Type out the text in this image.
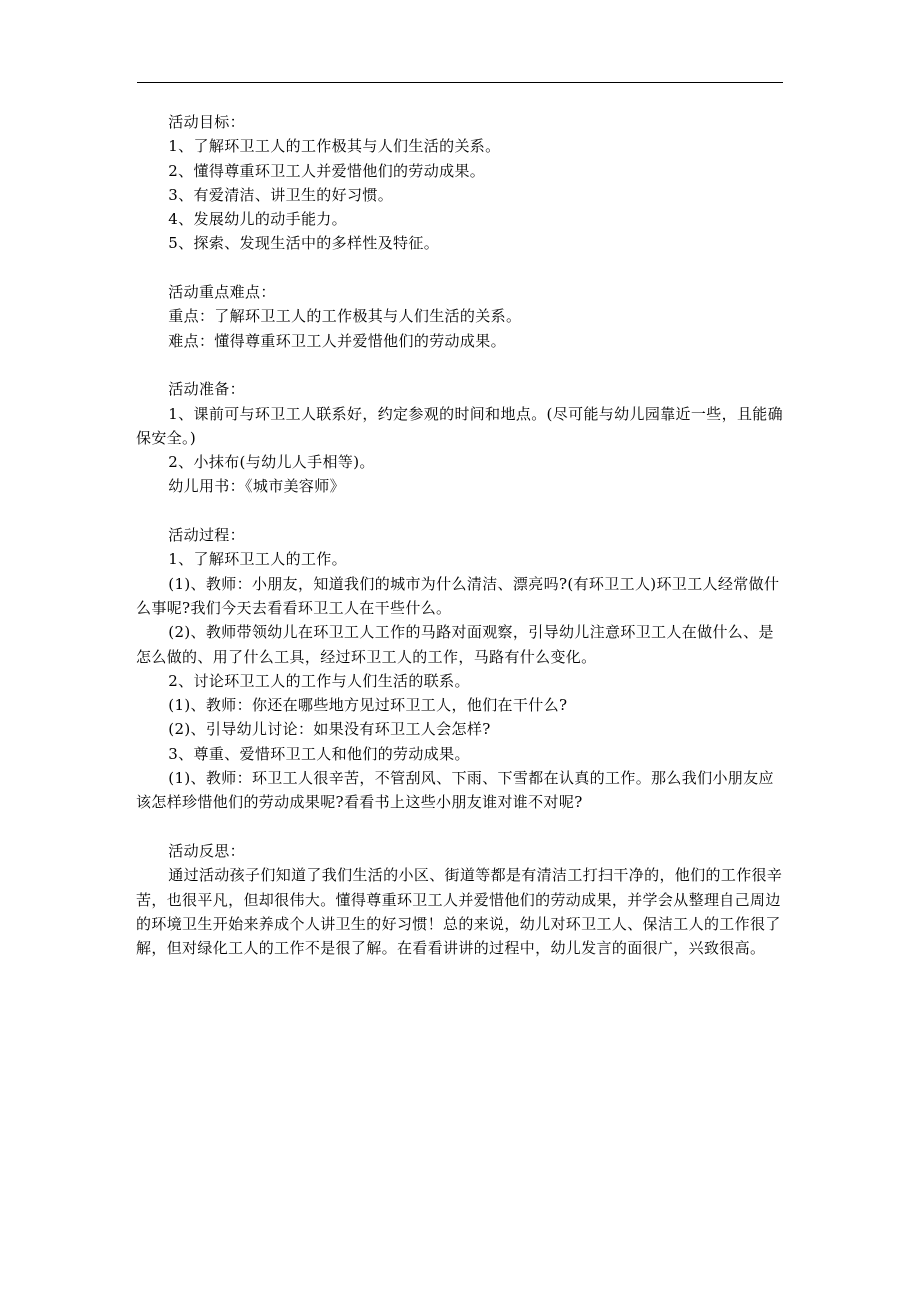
活动目标：

1、了解环卫工人的工作极其与人们生活的关系。

2、懂得尊重环卫工人并爱惜他们的劳动成果。

3、有爱清洁、讲卫生的好习惯。

4、发展幼儿的动手能力。

5、探索、发现生活中的多样性及特征。

活动重点难点：

重点：了解环卫工人的工作极其与人们生活的关系。

难点：懂得尊重环卫工人并爱惜他们的劳动成果。

活动准备：

1、课前可与环卫工人联系好，约定参观的时间和地点。(尽可能与幼儿园靠近一些，且能确保安全。)

2、小抹布(与幼儿人手相等)。

幼儿用书：《城市美容师》

活动过程：

1、了解环卫工人的工作。

(1)、教师：小朋友，知道我们的城市为什么清洁、漂亮吗?(有环卫工人)环卫工人经常做什么事呢?我们今天去看看环卫工人在干些什么。

(2)、教师带领幼儿在环卫工人工作的马路对面观察，引导幼儿注意环卫工人在做什么、是怎么做的、用了什么工具，经过环卫工人的工作，马路有什么变化。

2、讨论环卫工人的工作与人们生活的联系。

(1)、教师：你还在哪些地方见过环卫工人，他们在干什么?

(2)、引导幼儿讨论：如果没有环卫工人会怎样?

3、尊重、爱惜环卫工人和他们的劳动成果。

(1)、教师：环卫工人很辛苦，不管刮风、下雨、下雪都在认真的工作。那么我们小朋友应该怎样珍惜他们的劳动成果呢?看看书上这些小朋友谁对谁不对呢?

活动反思：

通过活动孩子们知道了我们生活的小区、街道等都是有清洁工打扫干净的，他们的工作很辛苦，也很平凡，但却很伟大。懂得尊重环卫工人并爱惜他们的劳动成果，并学会从整理自己周边的环境卫生开始来养成个人讲卫生的好习惯！总的来说，幼儿对环卫工人、保洁工人的工作很了解，但对绿化工人的工作不是很了解。在看看讲讲的过程中，幼儿发言的面很广，兴致很高。
